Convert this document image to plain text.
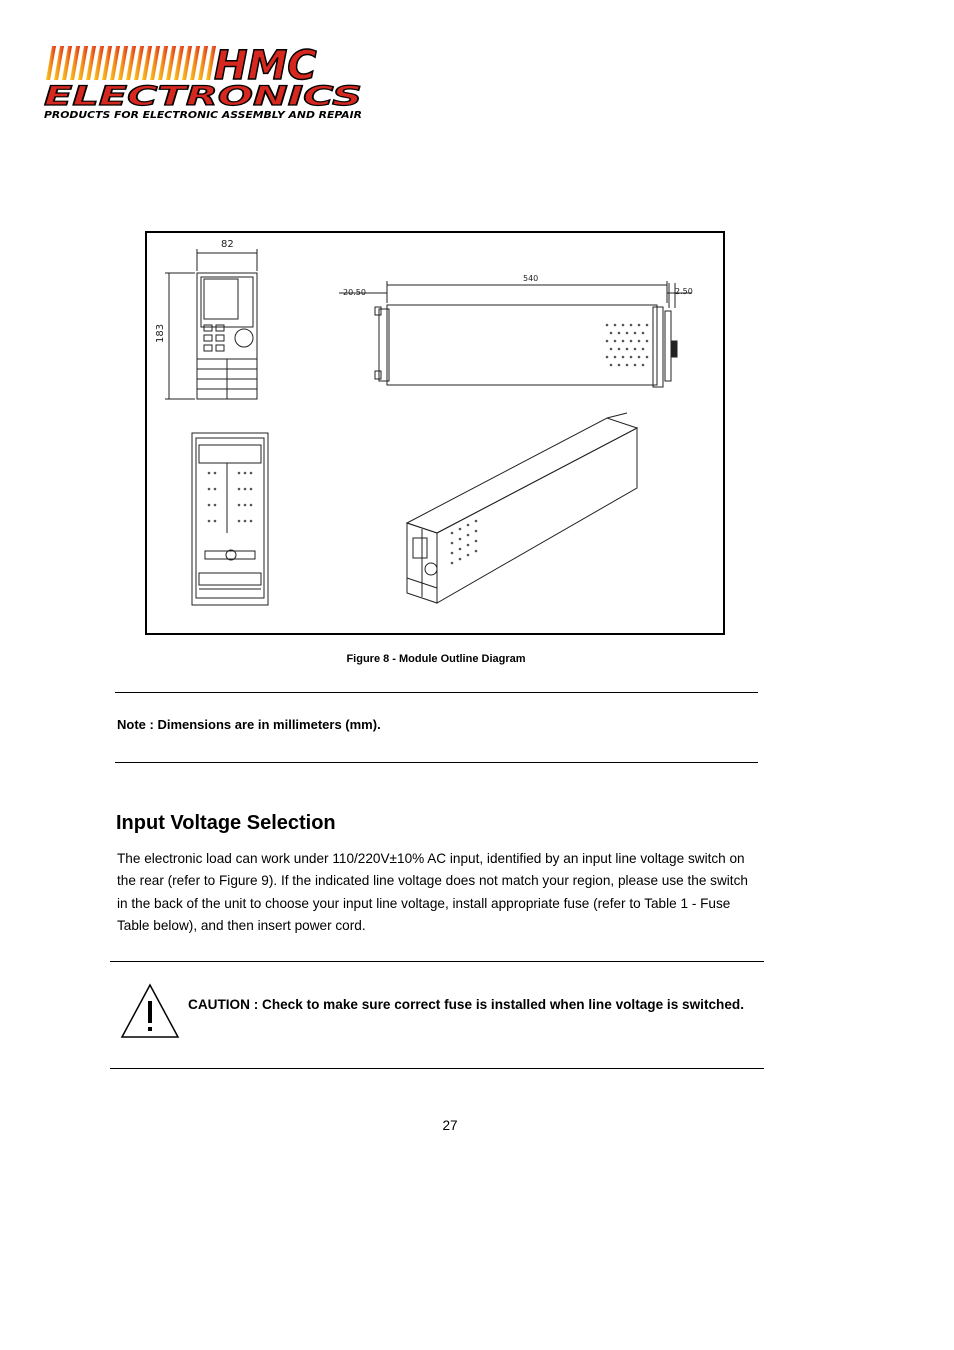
HMC
ELECTRONICS
PRODUCTS FOR ELECTRONIC ASSEMBLY AND REPAIR
82
183
540
20.50	2.50
Figure 8 - Module Outline Diagram
Note : Dimensions are in millimeters (mm).
Input Voltage Selection

The electronic load can work under 110/220V±10% AC input, identified by an input line voltage switch on the rear (refer to Figure 9). If the indicated line voltage does not match your region, please use the switch in the back of the unit to choose your input line voltage, install appropriate fuse (refer to Table 1 - Fuse Table below), and then insert power cord.

CAUTION : Check to make sure correct fuse is installed when line voltage is switched.
27
